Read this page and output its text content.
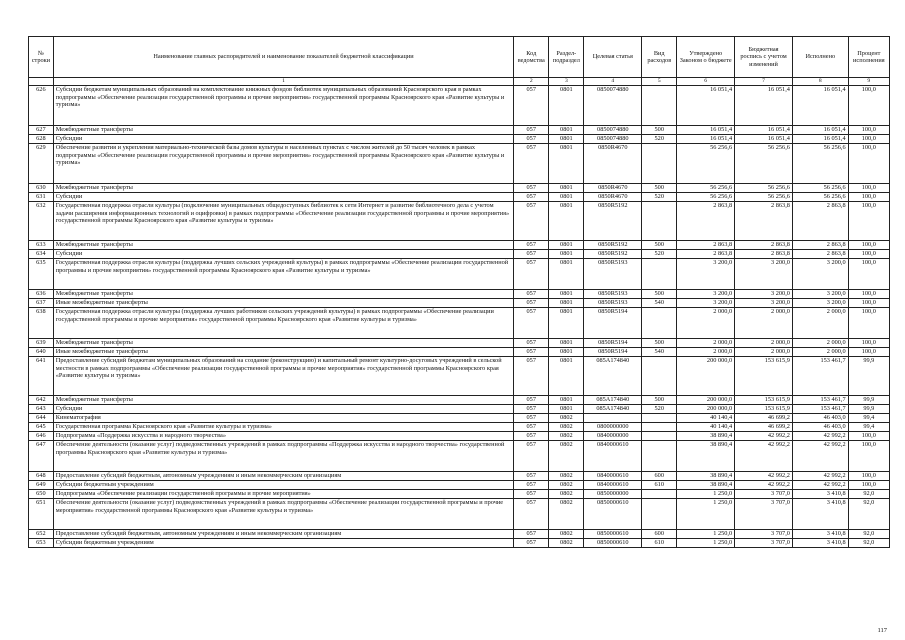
№ строки	Наименование главных распорядителей и наименование показателей бюджетной классификации	Код ведомства	Раздел-подраздел	Целевая статья	Вид расходов	Утверждено Законом о бюджете	Бюджетная роспись с учетом изменений	Исполнено	Процент исполнения
	1	2	3	4	5	6	7	8	9
626	Субсидии бюджетам муниципальных образований на комплектование книжных фондов библиотек муниципальных образований Красноярского края в рамках подпрограммы «Обеспечение реализации государственной программы и прочие мероприятия» государственной программы Красноярского края «Развитие культуры и туризма»	057	0801	0850074880		16 051,4	16 051,4	16 051,4	100,0
627	Межбюджетные трансферты	057	0801	0850074880	500	16 051,4	16 051,4	16 051,4	100,0
628	Субсидии	057	0801	0850074880	520	16 051,4	16 051,4	16 051,4	100,0
629	Обеспечение развития и укрепления материально-технической базы домов культуры в населенных пунктах с числом жителей до 50 тысяч человек в рамках подпрограммы «Обеспечение реализации государственной программы и прочие мероприятия» государственной программы Красноярского края «Развитие культуры и туризма»	057	0801	0850R4670		56 256,6	56 256,6	56 256,6	100,0
630	Межбюджетные трансферты	057	0801	0850R4670	500	56 256,6	56 256,6	56 256,6	100,0
631	Субсидии	057	0801	0850R4670	520	56 256,6	56 256,6	56 256,6	100,0
632	Государственная поддержка отрасли культуры (подключение муниципальных общедоступных библиотек к сети Интернет и развитие библиотечного дела с учетом задачи расширения информационных технологий и оцифровки) в рамках подпрограммы «Обеспечение реализации государственной программы и прочие мероприятия» государственной программы Красноярского края «Развитие культуры и туризма»	057	0801	0850R5192		2 863,8	2 863,8	2 863,8	100,0
633	Межбюджетные трансферты	057	0801	0850R5192	500	2 863,8	2 863,8	2 863,8	100,0
634	Субсидии	057	0801	0850R5192	520	2 863,8	2 863,8	2 863,8	100,0
635	Государственная поддержка отрасли культуры (поддержка лучших сельских учреждений культуры) в рамках подпрограммы «Обеспечение реализации государственной программы и прочие мероприятия» государственной программы Красноярского края «Развитие культуры и туризма»	057	0801	0850R5193		3 200,0	3 200,0	3 200,0	100,0
636	Межбюджетные трансферты	057	0801	0850R5193	500	3 200,0	3 200,0	3 200,0	100,0
637	Иные межбюджетные трансферты	057	0801	0850R5193	540	3 200,0	3 200,0	3 200,0	100,0
638	Государственная поддержка отрасли культуры (поддержка лучших работников сельских учреждений культуры) в рамках подпрограммы «Обеспечение реализации государственной программы и прочие мероприятия» государственной программы Красноярского края «Развитие культуры и туризма»	057	0801	0850R5194		2 000,0	2 000,0	2 000,0	100,0
639	Межбюджетные трансферты	057	0801	0850R5194	500	2 000,0	2 000,0	2 000,0	100,0
640	Иные межбюджетные трансферты	057	0801	0850R5194	540	2 000,0	2 000,0	2 000,0	100,0
641	Предоставление субсидий бюджетам муниципальных образований на создание (реконструкцию) и капитальный ремонт культурно-досуговых учреждений в сельской местности в рамках подпрограммы «Обеспечение реализации государственной программы и прочие мероприятия» государственной программы Красноярского края «Развитие культуры и туризма»	057	0801	085A174840		200 000,0	153 615,9	153 461,7	99,9
642	Межбюджетные трансферты	057	0801	085A174840	500	200 000,0	153 615,9	153 461,7	99,9
643	Субсидии	057	0801	085A174840	520	200 000,0	153 615,9	153 461,7	99,9
644	Кинематография	057	0802			40 140,4	46 699,2	46 403,0	99,4
645	Государственная программа Красноярского края «Развитие культуры и туризма»	057	0802	0800000000		40 140,4	46 699,2	46 403,0	99,4
646	Подпрограмма «Поддержка искусства и народного творчества»	057	0802	0840000000		38 890,4	42 992,2	42 992,2	100,0
647	Обеспечение деятельности (оказание услуг) подведомственных учреждений в рамках подпрограммы «Поддержка искусства и народного творчества» государственной программы Красноярского края «Развитие культуры и туризма»	057	0802	0840000610		38 890,4	42 992,2	42 992,2	100,0
648	Предоставление субсидий бюджетным, автономным учреждениям и иным некоммерческим организациям	057	0802	0840000610	600	38 890,4	42 992,2	42 992,2	100,0
649	Субсидии бюджетным учреждениям	057	0802	0840000610	610	38 890,4	42 992,2	42 992,2	100,0
650	Подпрограмма «Обеспечение реализации государственной программы и прочие мероприятия»	057	0802	0850000000		1 250,0	3 707,0	3 410,8	92,0
651	Обеспечение деятельности (оказание услуг) подведомственных учреждений в рамках подпрограммы «Обеспечение реализации государственной программы и прочие мероприятия» государственной программы Красноярского края «Развитие культуры и туризма»	057	0802	0850000610		1 250,0	3 707,0	3 410,8	92,0
652	Предоставление субсидий бюджетным, автономным учреждениям и иным некоммерческим организациям	057	0802	0850000610	600	1 250,0	3 707,0	3 410,8	92,0
653	Субсидии бюджетным учреждениям	057	0802	0850000610	610	1 250,0	3 707,0	3 410,8	92,0
117
